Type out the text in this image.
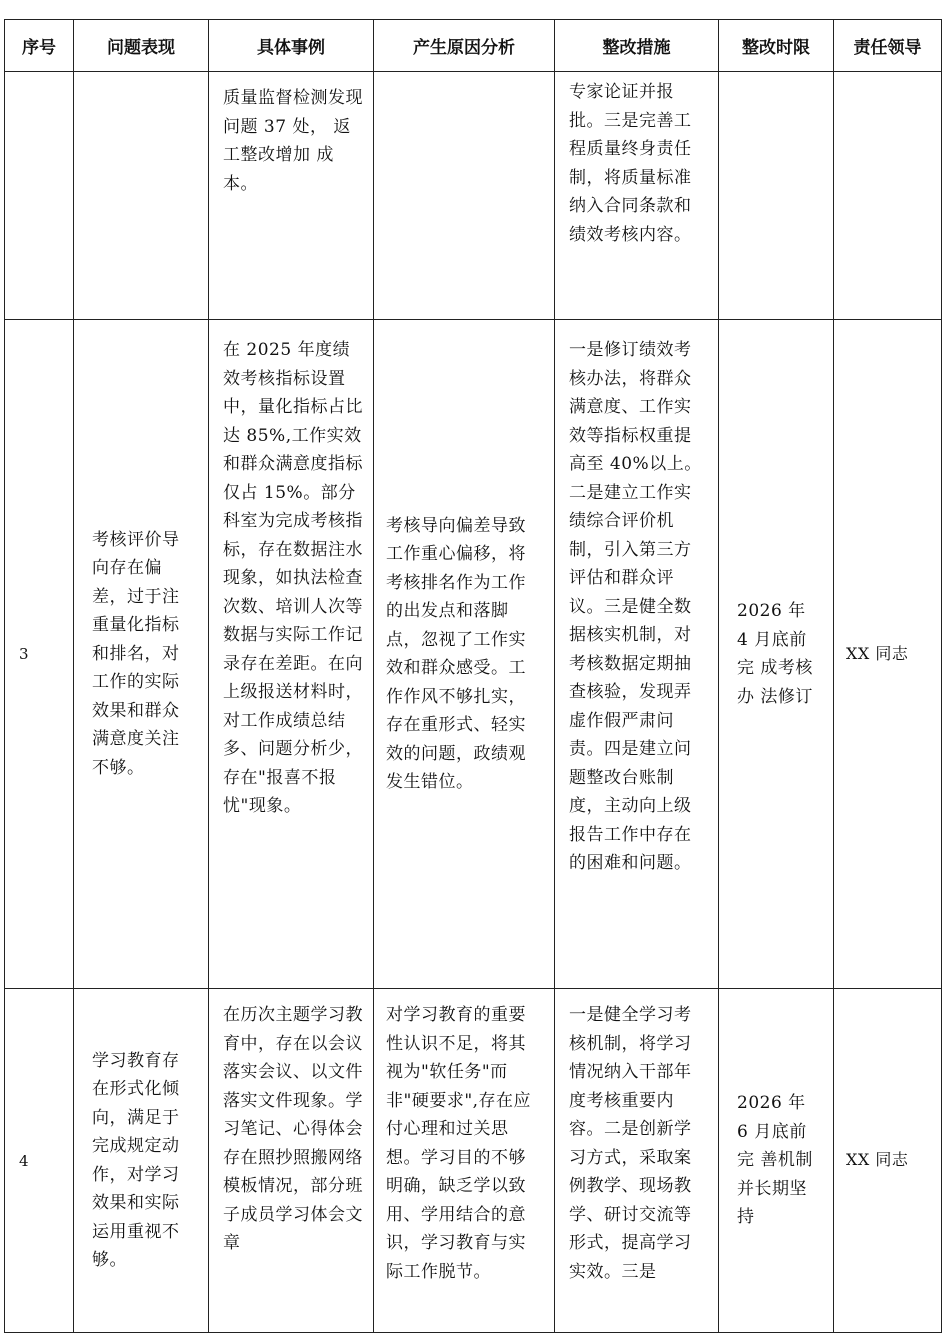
序号	问题表现	具体事例	产生原因分析	整改措施	整改时限	责任领导
		质量监督检测发现问题 37 处， 返工整改增加 成本。		专家论证并报批。三是完善工程质量终身责任制，将质量标准纳入合同条款和绩效考核内容。		
3	考核评价导向存在偏差，过于注重量化指标和排名，对工作的实际效果和群众满意度关注不够。	在 2025 年度绩效考核指标设置中，量化指标占比达 85%,工作实效和群众满意度指标仅占 15%。部分科室为完成考核指标，存在数据注水现象，如执法检查次数、培训人次等数据与实际工作记录存在差距。在向上级报送材料时，对工作成绩总结多、问题分析少，存在"报喜不报忧"现象。	考核导向偏差导致工作重心偏移，将考核排名作为工作的出发点和落脚点，忽视了工作实效和群众感受。工作作风不够扎实，存在重形式、轻实效的问题，政绩观发生错位。	一是修订绩效考核办法，将群众满意度、工作实效等指标权重提高至 40%以上。二是建立工作实绩综合评价机制，引入第三方评估和群众评议。三是健全数据核实机制，对考核数据定期抽查核验，发现弄虚作假严肃问责。四是建立问题整改台账制度，主动向上级报告工作中存在的困难和问题。	2026 年 4 月底前完 成考核办 法修订	XX 同志
4	学习教育存在形式化倾向，满足于完成规定动作，对学习效果和实际运用重视不够。	在历次主题学习教育中，存在以会议落实会议、以文件落实文件现象。学习笔记、心得体会存在照抄照搬网络模板情况，部分班子成员学习体会文章	对学习教育的重要性认识不足，将其视为"软任务"而非"硬要求",存在应付心理和过关思想。学习目的不够明确，缺乏学以致用、学用结合的意识，学习教育与实际工作脱节。	一是健全学习考核机制，将学习情况纳入干部年度考核重要内容。二是创新学习方式，采取案例教学、现场教学、研讨交流等形式，提高学习实效。三是	2026 年 6 月底前完 善机制并长期坚持	XX 同志
